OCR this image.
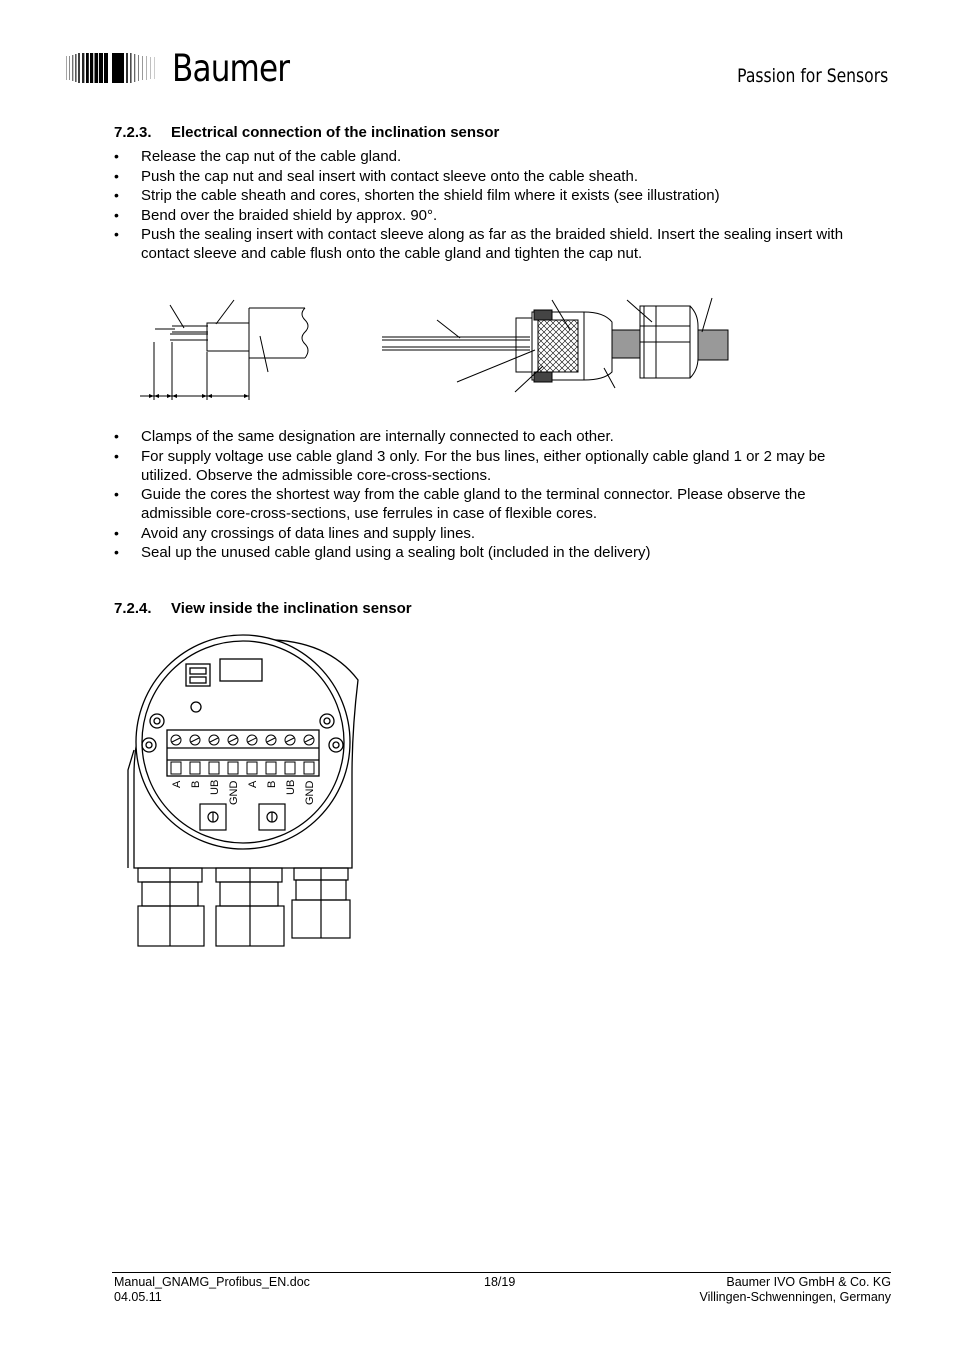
Baumer	Passion for Sensors
7.2.3. Electrical connection of the inclination sensor
• Release the cap nut of the cable gland.
• Push the cap nut and seal insert with contact sleeve onto the cable sheath.
• Strip the cable sheath and cores, shorten the shield film where it exists (see illustration)
• Bend over the braided shield by approx. 90°.
• Push the sealing insert with contact sleeve along as far as the braided shield. Insert the sealing insert with contact sleeve and cable flush onto the cable gland and tighten the cap nut.
• Clamps of the same designation are internally connected to each other.
• For supply voltage use cable gland 3 only. For the bus lines, either optionally cable gland 1 or 2 may be utilized. Observe the admissible core-cross-sections.
• Guide the cores the shortest way from the cable gland to the terminal connector. Please observe the admissible core-cross-sections, use ferrules in case of flexible cores.
• Avoid any crossings of data lines and supply lines.
• Seal up the unused cable gland using a sealing bolt (included in the delivery)
7.2.4. View inside the inclination sensor
A B UB GND A B UB GND
Manual_GNAMG_Profibus_EN.doc
04.05.11
18/19	Baumer IVO GmbH & Co. KG
Villingen-Schwenningen, Germany
